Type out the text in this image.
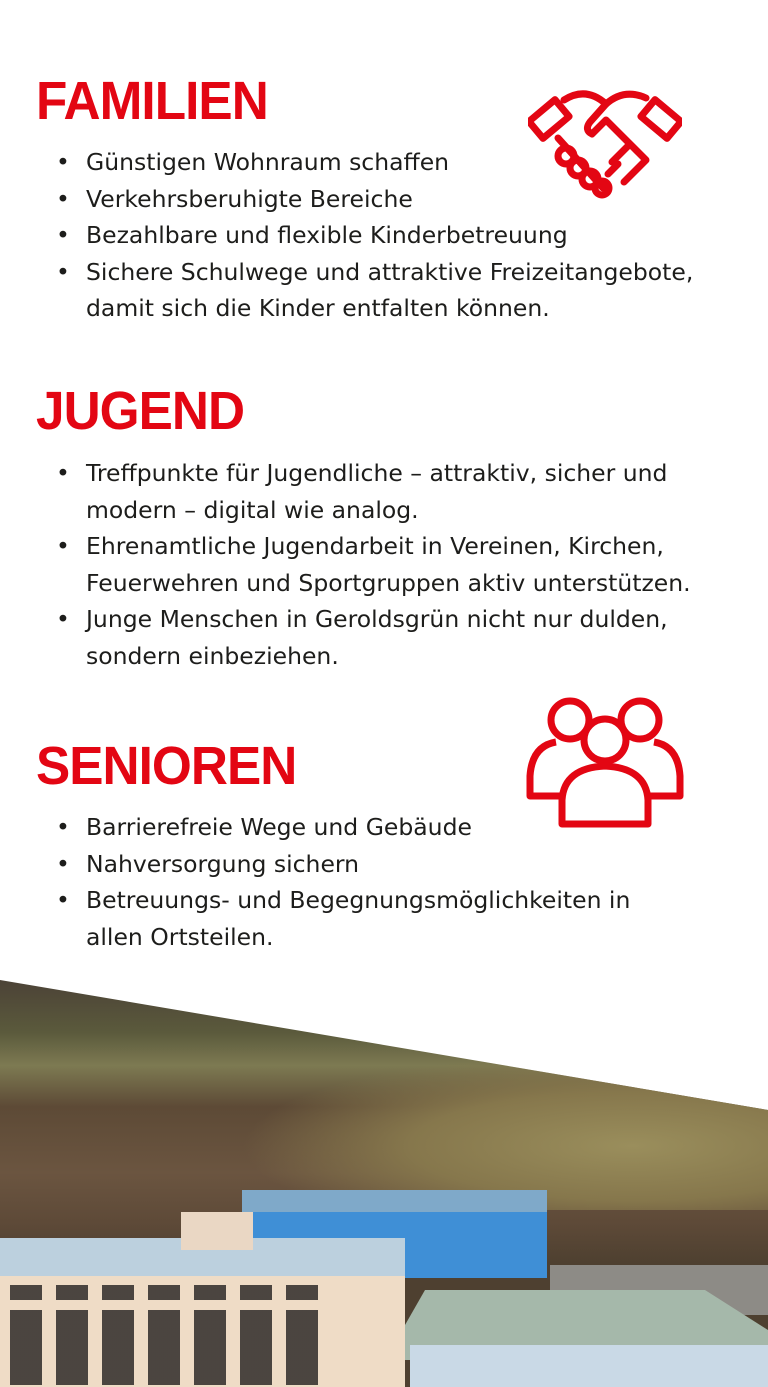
FAMILIEN
• Günstigen Wohnraum schaffen
• Verkehrsberuhigte Bereiche
• Bezahlbare und flexible Kinderbetreuung
• Sichere Schulwege und attraktive Freizeitangebote, damit sich die Kinder entfalten können.
JUGEND
• Treffpunkte für Jugendliche – attraktiv, sicher und modern – digital wie analog.
• Ehrenamtliche Jugendarbeit in Vereinen, Kirchen, Feuerwehren und Sportgruppen aktiv unterstützen.
• Junge Menschen in Geroldsgrün nicht nur dulden, sondern einbeziehen.
SENIOREN
• Barrierefreie Wege und Gebäude
• Nahversorgung sichern
• Betreuungs- und Begegnungsmöglichkeiten in allen Ortsteilen.
